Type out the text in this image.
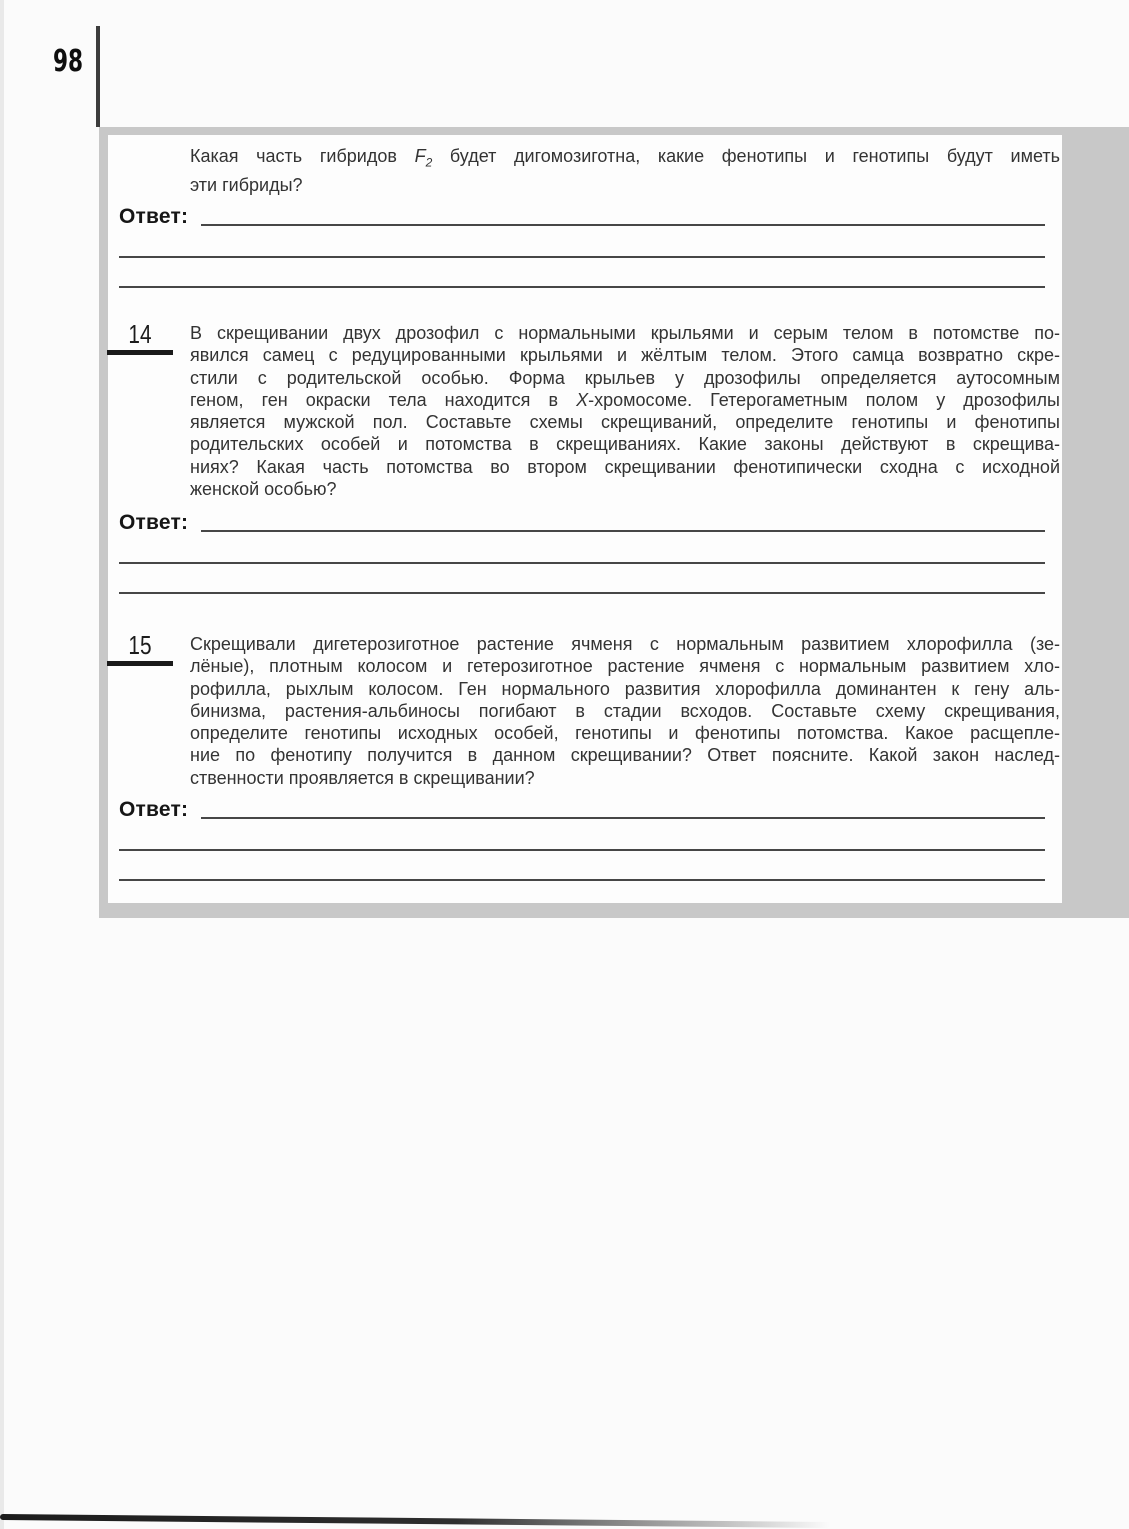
98
Какая часть гибридов $F_2$ будет дигомозиготна, какие фенотипы и генотипы будут иметь
эти гибриды?
Ответ:
14	В скрещивании двух дрозофил с нормальными крыльями и серым телом в потомстве по-
явился самец с редуцированными крыльями и жёлтым телом. Этого самца возвратно скре-
стили с родительской особью. Форма крыльев у дрозофилы определяется аутосомным
геном, ген окраски тела находится в X-хромосоме. Гетерогаметным полом у дрозофилы
является мужской пол. Составьте схемы скрещиваний, определите генотипы и фенотипы
родительских особей и потомства в скрещиваниях. Какие законы действуют в скрещива-
ниях? Какая часть потомства во втором скрещивании фенотипически сходна с исходной
женской особью?
Ответ:
15	Скрещивали дигетерозиготное растение ячменя с нормальным развитием хлорофилла (зе-
лёные), плотным колосом и гетерозиготное растение ячменя с нормальным развитием хло-
рофилла, рыхлым колосом. Ген нормального развития хлорофилла доминантен к гену аль-
бинизма, растения-альбиносы погибают в стадии всходов. Составьте схему скрещивания,
определите генотипы исходных особей, генотипы и фенотипы потомства. Какое расщепле-
ние по фенотипу получится в данном скрещивании? Ответ поясните. Какой закон наслед-
ственности проявляется в скрещивании?
Ответ:
